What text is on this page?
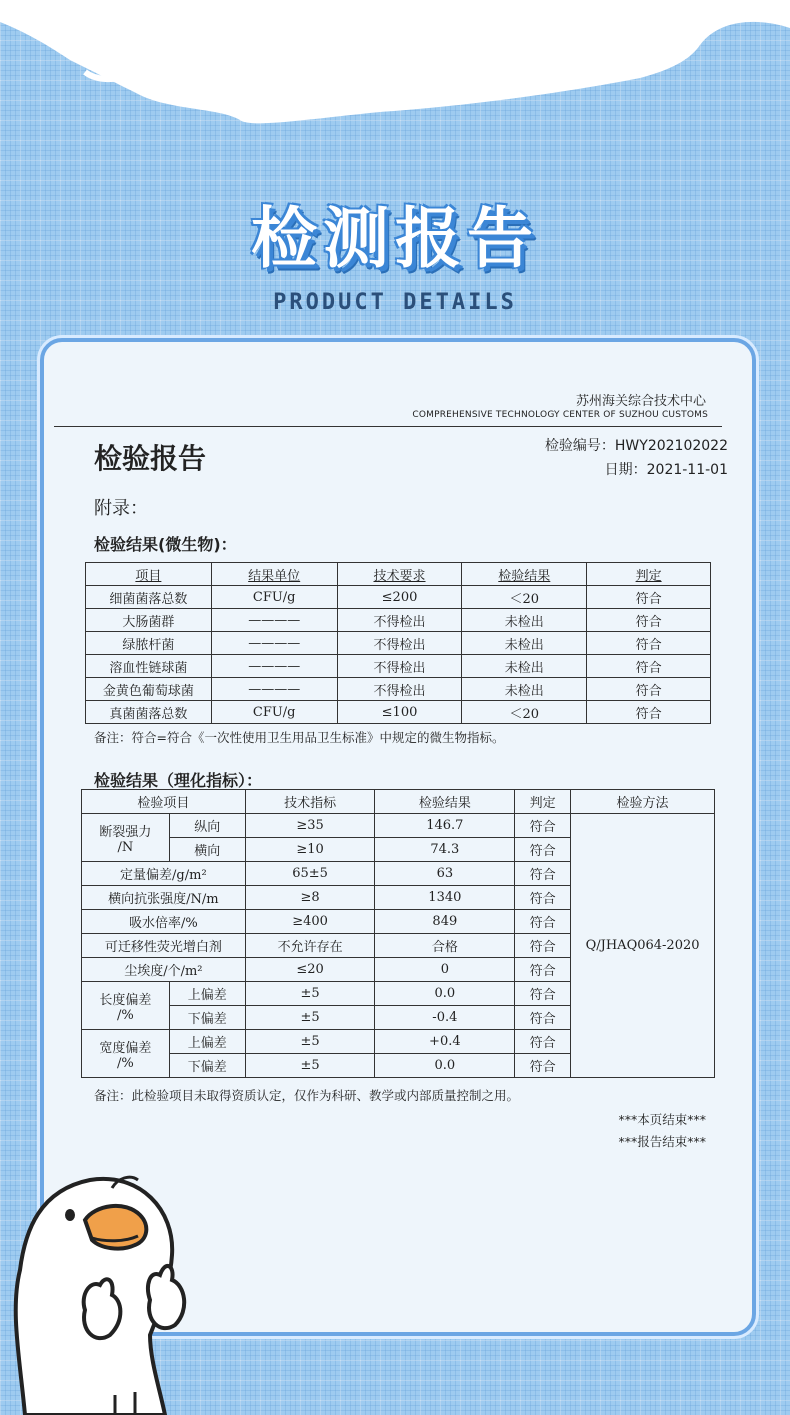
检测报告
PRODUCT DETAILS
苏州海关综合技术中心
COMPREHENSIVE TECHNOLOGY CENTER OF SUZHOU CUSTOMS
检验报告	检验编号：HWY202102022
日期：2021-11-01
附录：
检验结果(微生物)：
项目	结果单位	技术要求	检验结果	判定
细菌菌落总数	CFU/g	≤200	＜20	符合
大肠菌群	————	不得检出	未检出	符合
绿脓杆菌	————	不得检出	未检出	符合
溶血性链球菌	————	不得检出	未检出	符合
金黄色葡萄球菌	————	不得检出	未检出	符合
真菌菌落总数	CFU/g	≤100	＜20	符合
备注：符合=符合《一次性使用卫生用品卫生标准》中规定的微生物指标。
检验结果（理化指标）：
检验项目		技术指标	检验结果	判定	检验方法

断裂强力
/N	纵向	≥35	146.7	符合	Q/JHAQ064-2020
	横向	≥10	74.3	符合	
定量偏差/g/m²		65±5	63	符合	
横向抗张强度/N/m		≥8	1340	符合	
吸水倍率/%		≥400	849	符合	
可迁移性荧光增白剂		不允许存在	合格	符合	
尘埃度/个/m²		≤20	0	符合	

长度偏差
/%	上偏差	±5	0.0	符合	
	下偏差	±5	-0.4	符合	

宽度偏差
/%	上偏差	±5	+0.4	符合	
	下偏差	±5	0.0	符合	
备注：此检验项目未取得资质认定，仅作为科研、教学或内部质量控制之用。
***本页结束***
***报告结束***
